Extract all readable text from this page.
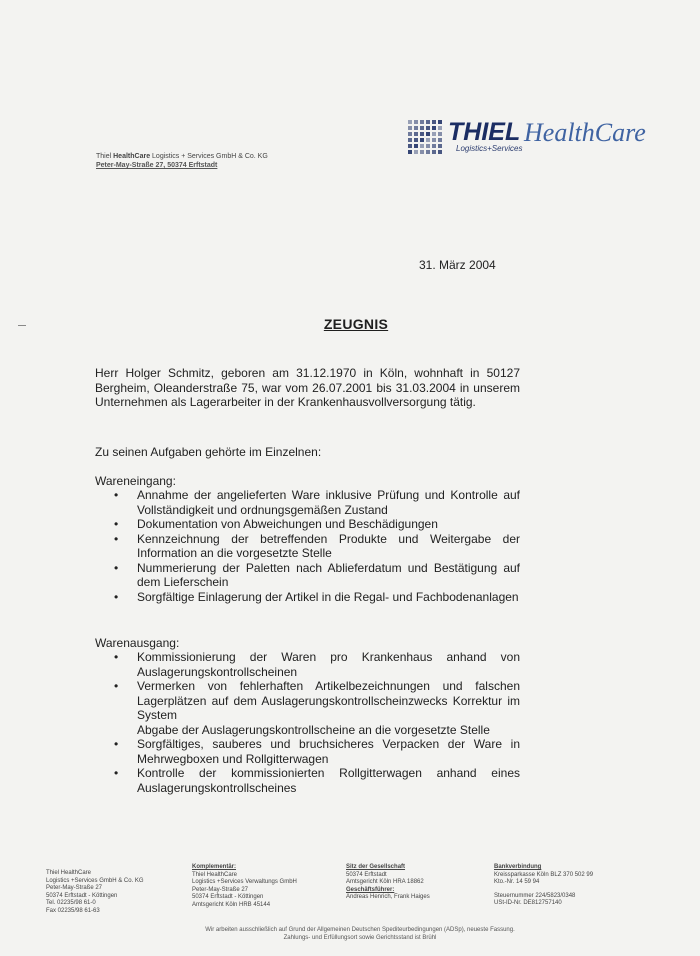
THIEL HealthCare
Logistics+Services
Thiel HealthCare Logistics + Services GmbH & Co. KG
Peter-May-Straße 27, 50374 Erftstadt
31. März 2004
ZEUGNIS
Herr Holger Schmitz, geboren am 31.12.1970 in Köln, wohnhaft in 50127 Bergheim, Oleanderstraße 75, war vom 26.07.2001 bis 31.03.2004 in unserem Unternehmen als Lagerarbeiter in der Krankenhausvollversorgung tätig.
Zu seinen Aufgaben gehörte im Einzelnen:
Wareneingang:
• Annahme der angelieferten Ware inklusive Prüfung und Kontrolle auf Vollständigkeit und ordnungsgemäßen Zustand
• Dokumentation von Abweichungen und Beschädigungen
• Kennzeichnung der betreffenden Produkte und Weitergabe der Information an die vorgesetzte Stelle
• Nummerierung der Paletten nach Ablieferdatum und Bestätigung auf dem Lieferschein
• Sorgfältige Einlagerung der Artikel in die Regal- und Fachbodenanlagen
Warenausgang:
• Kommissionierung der Waren pro Krankenhaus anhand von Auslagerungskontrollscheinen
• Vermerken von fehlerhaften Artikelbezeichnungen und falschen Lagerplätzen auf dem Auslagerungskontrollscheinzwecks Korrektur im System
Abgabe der Auslagerungskontrollscheine an die vorgesetzte Stelle
• Sorgfältiges, sauberes und bruchsicheres Verpacken der Ware in Mehrwegboxen und Rollgitterwagen
• Kontrolle der kommissionierten Rollgitterwagen anhand eines Auslagerungskontrollscheines
Thiel HealthCare
Logistics +Services GmbH & Co. KG
Peter-May-Straße 27
50374 Erftstadt - Köttingen
Tel. 02235/98 61-0
Fax 02235/98 61-63
Komplementär:
Thiel HealthCare
Logistics +Services Verwaltungs GmbH
Peter-May-Straße 27
50374 Erftstadt - Köttingen
Amtsgericht Köln HRB 45144
Sitz der Gesellschaft
50374 Erftstadt
Amtsgericht Köln HRA 18862
Geschäftsführer:
Andreas Henrich, Frank Haiges
Bankverbindung
Kreissparkasse Köln BLZ 370 502 99
Kto.-Nr. 14 59 94
Steuernummer 224/5823/0348
USt-ID-Nr. DE812757140
Wir arbeiten ausschließlich auf Grund der Allgemeinen Deutschen Spediteurbedingungen (ADSp), neueste Fassung.
Zahlungs- und Erfüllungsort sowie Gerichtsstand ist Brühl
